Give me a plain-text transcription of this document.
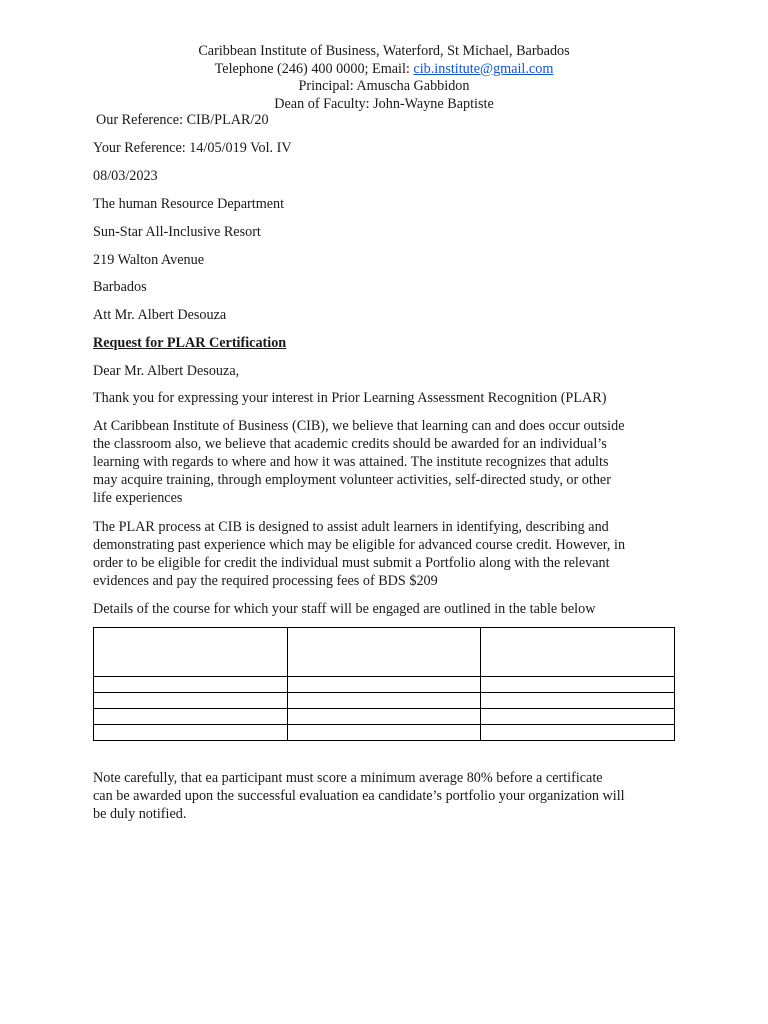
Caribbean Institute of Business, Waterford, St Michael, Barbados
Telephone (246) 400 0000; Email: cib.institute@gmail.com
Principal: Amuscha Gabbidon
Dean of Faculty: John-Wayne Baptiste
Our Reference: CIB/PLAR/20
Your Reference: 14/05/019 Vol. IV
08/03/2023
The human Resource Department
Sun-Star All-Inclusive Resort
219 Walton Avenue
Barbados
Att Mr. Albert Desouza
Request for PLAR Certification
Dear Mr. Albert Desouza,
Thank you for expressing your interest in Prior Learning Assessment Recognition (PLAR)
At Caribbean Institute of Business (CIB), we believe that learning can and does occur outside
the classroom also, we believe that academic credits should be awarded for an individual’s
learning with regards to where and how it was attained. The institute recognizes that adults
may acquire training, through employment volunteer activities, self-directed study, or other
life experiences
The PLAR process at CIB is designed to assist adult learners in identifying, describing and
demonstrating past experience which may be eligible for advanced course credit. However, in
order to be eligible for credit the individual must submit a Portfolio along with the relevant
evidences and pay the required processing fees of BDS $209
Details of the course for which your staff will be engaged are outlined in the table below

Note carefully, that ea participant must score a minimum average 80% before a certificate
can be awarded upon the successful evaluation ea candidate’s portfolio your organization will
be duly notified.
